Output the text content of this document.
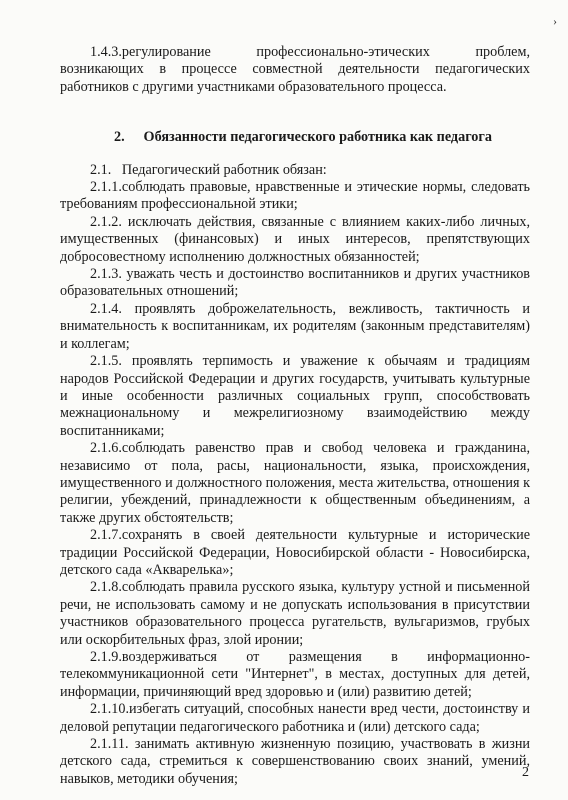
›

1.4.3.регулирование профессионально-этических проблем, возникающих в процессе совместной деятельности педагогических работников с другими участниками образовательного процесса.

2. Обязанности педагогического работника как педагога

2.1.   Педагогический работник обязан:

2.1.1.соблюдать правовые, нравственные и этические нормы, следовать требованиям профессиональной этики;

2.1.2. исключать действия, связанные с влиянием каких-либо личных, имущественных (финансовых) и иных интересов, препятствующих добросовестному исполнению должностных обязанностей;

2.1.3. уважать честь и достоинство воспитанников и других участников образовательных отношений;

2.1.4. проявлять доброжелательность, вежливость, тактичность и внимательность к воспитанникам, их родителям (законным представителям) и коллегам;

2.1.5. проявлять терпимость и уважение к обычаям и традициям народов Российской Федерации и других государств, учитывать культурные и иные особенности различных социальных групп, способствовать межнациональному и межрелигиозному взаимодействию между воспитанниками;

2.1.6.соблюдать равенство прав и свобод человека и гражданина, независимо от пола, расы, национальности, языка, происхождения, имущественного и должностного положения, места жительства, отношения к религии, убеждений, принадлежности к общественным объединениям, а также других обстоятельств;

2.1.7.сохранять в своей деятельности культурные и исторические традиции Российской Федерации, Новосибирской области - Новосибирска, детского сада «Акварелька»;

2.1.8.соблюдать правила русского языка, культуру устной и письменной речи, не использовать самому и не допускать использования в присутствии участников образовательного процесса ругательств, вульгаризмов, грубых или оскорбительных фраз, злой иронии;

2.1.9.воздерживаться от размещения в информационно-телекоммуникационной сети "Интернет", в местах, доступных для детей, информации, причиняющий вред здоровью и (или) развитию детей;

2.1.10.избегать ситуаций, способных нанести вред чести, достоинству и деловой репутации педагогического работника и (или) детского сада;

2.1.11. занимать активную жизненную позицию, участвовать в жизни детского сада, стремиться к совершенствованию своих знаний, умений, навыков, методики обучения;	2
